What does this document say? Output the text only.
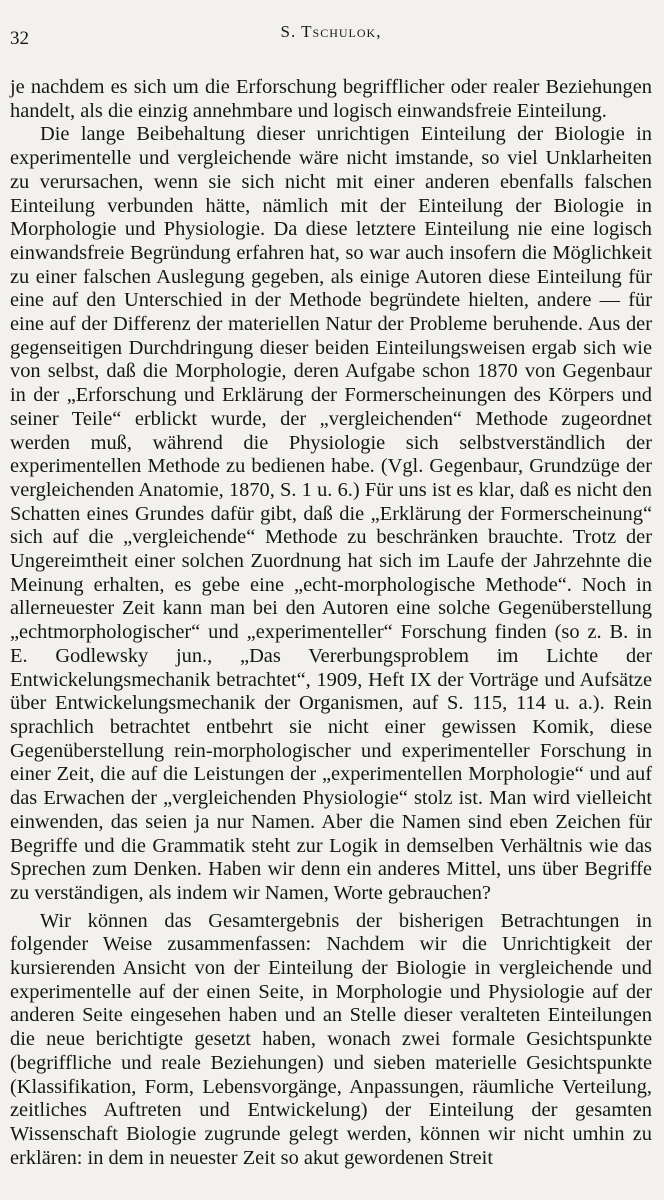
32	S. Tschulok,

je nachdem es sich um die Erforschung begrifflicher oder realer Beziehungen handelt, als die einzig annehmbare und logisch einwandsfreie Einteilung.

Die lange Beibehaltung dieser unrichtigen Einteilung der Biologie in experimentelle und vergleichende wäre nicht imstande, so viel Unklarheiten zu verursachen, wenn sie sich nicht mit einer anderen ebenfalls falschen Einteilung verbunden hätte, nämlich mit der Einteilung der Biologie in Morphologie und Physiologie. Da diese letztere Einteilung nie eine logisch einwandsfreie Begründung erfahren hat, so war auch insofern die Möglichkeit zu einer falschen Auslegung gegeben, als einige Autoren diese Einteilung für eine auf den Unterschied in der Methode begründete hielten, andere — für eine auf der Differenz der materiellen Natur der Probleme beruhende. Aus der gegenseitigen Durchdringung dieser beiden Einteilungsweisen ergab sich wie von selbst, daß die Morphologie, deren Aufgabe schon 1870 von Gegenbaur in der „Erforschung und Erklärung der Formerscheinungen des Körpers und seiner Teile“ erblickt wurde, der „vergleichenden“ Methode zugeordnet werden muß, während die Physiologie sich selbstverständlich der experimentellen Methode zu bedienen habe. (Vgl. Gegenbaur, Grundzüge der vergleichenden Anatomie, 1870, S. 1 u. 6.) Für uns ist es klar, daß es nicht den Schatten eines Grundes dafür gibt, daß die „Erklärung der Formerscheinung“ sich auf die „vergleichende“ Methode zu beschränken brauchte. Trotz der Ungereimtheit einer solchen Zuordnung hat sich im Laufe der Jahrzehnte die Meinung erhalten, es gebe eine „echt-morphologische Methode“. Noch in allerneuester Zeit kann man bei den Autoren eine solche Gegenüberstellung „echtmorphologischer“ und „experimenteller“ Forschung finden (so z. B. in E. Godlewsky jun., „Das Vererbungsproblem im Lichte der Entwickelungsmechanik betrachtet“, 1909, Heft IX der Vorträge und Aufsätze über Entwickelungsmechanik der Organismen, auf S. 115, 114 u. a.). Rein sprachlich betrachtet entbehrt sie nicht einer gewissen Komik, diese Gegenüberstellung rein-morphologischer und experimenteller Forschung in einer Zeit, die auf die Leistungen der „experimentellen Morphologie“ und auf das Erwachen der „vergleichenden Physiologie“ stolz ist. Man wird vielleicht einwenden, das seien ja nur Namen. Aber die Namen sind eben Zeichen für Begriffe und die Grammatik steht zur Logik in demselben Verhältnis wie das Sprechen zum Denken. Haben wir denn ein anderes Mittel, uns über Begriffe zu verständigen, als indem wir Namen, Worte gebrauchen?

Wir können das Gesamtergebnis der bisherigen Betrachtungen in folgender Weise zusammenfassen: Nachdem wir die Unrichtigkeit der kursierenden Ansicht von der Einteilung der Biologie in vergleichende und experimentelle auf der einen Seite, in Morphologie und Physiologie auf der anderen Seite eingesehen haben und an Stelle dieser veralteten Einteilungen die neue berichtigte gesetzt haben, wonach zwei formale Gesichtspunkte (begriffliche und reale Beziehungen) und sieben materielle Gesichtspunkte (Klassifikation, Form, Lebensvorgänge, Anpassungen, räumliche Verteilung, zeitliches Auftreten und Entwickelung) der Einteilung der gesamten Wissenschaft Biologie zugrunde gelegt werden, können wir nicht umhin zu erklären: in dem in neuester Zeit so akut gewordenen Streit
